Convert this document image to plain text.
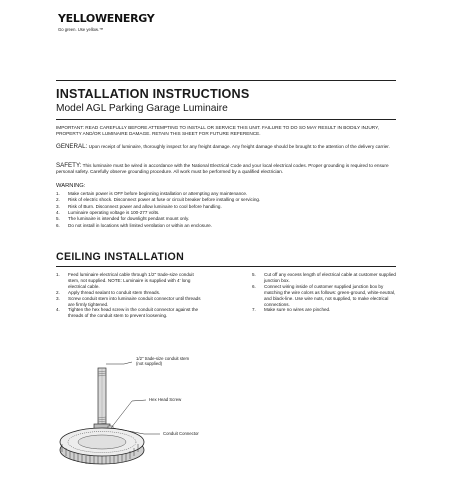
YELLOWENERGY
Go green. Use yellow.™
INSTALLATION INSTRUCTIONS
Model AGL Parking Garage Luminaire
IMPORTANT: READ CAREFULLY BEFORE ATTEMPTING TO INSTALL OR SERVICE THIS UNIT. FAILURE TO DO SO MAY RESULT IN BODILY INJURY, PROPERTY AND/OR LUMINAIRE DAMAGE. RETAIN THIS SHEET FOR FUTURE REFERENCE.
GENERAL: Upon receipt of luminaire, thoroughly inspect for any freight damage. Any freight damage should be brought to the attention of the delivery carrier.
SAFETY: This luminaire must be wired in accordance with the National Electrical Code and your local electrical codes. Proper grounding is required to ensure personal safety. Carefully observe grounding procedure. All work must be performed by a qualified electrician.
WARNING:
1.	Make certain power is OFF before beginning installation or attempting any maintenance.
2.	Risk of electric shock. Disconnect power at fuse or circuit breaker before installing or servicing.
3.	Risk of Burn. Disconnect power and allow luminaire to cool before handling.
4.	Luminaire operating voltage is 100-277 volts.
5.	The luminaire is intended for downlight pendant mount only.
6.	Do not install in locations with limited ventilation or within an enclosure.
CEILING INSTALLATION
1.	Feed luminaire electrical cable through 1/2" trade-size conduit stem, not supplied. NOTE: Luminaire is supplied with 4' long electrical cable.
2.	Apply thread sealant to conduit stem threads.
3.	Screw conduit stem into luminaire conduit connector until threads are firmly tightened.
4.	Tighten the hex head screw in the conduit connector against the threads of the conduit stem to prevent loosening.
5.	Cut off any excess length of electrical cable at customer supplied junction box.
6.	Connect wiring inside of customer supplied junction box by matching the wire colors as follows: green-ground, white-neutral, and black-line. Use wire nuts, not supplied, to make electrical connections.
7.	Make sure no wires are pinched.
1/2" trade-size conduit stem
(not supplied)
Hex Head Screw
Conduit Connector
